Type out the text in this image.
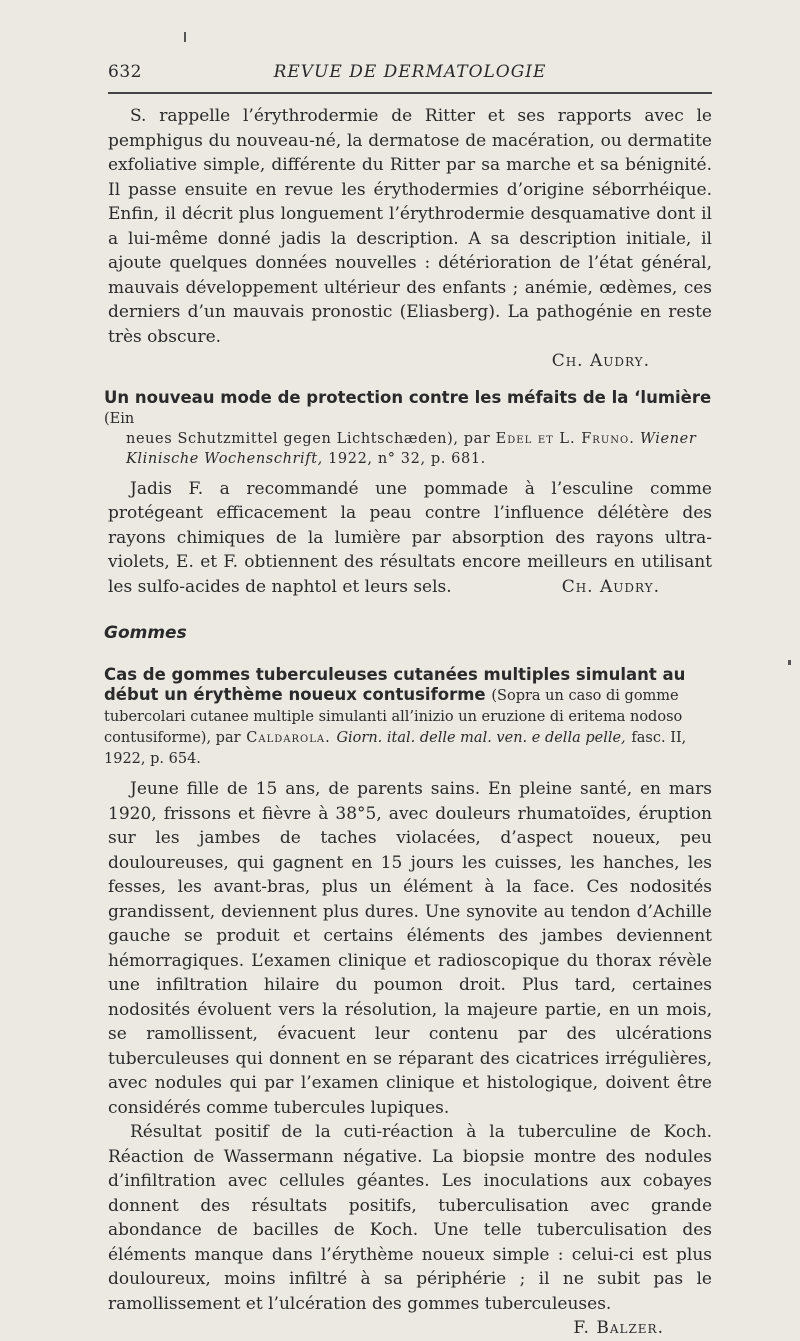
632	REVUE DE DERMATOLOGIE

S. rappelle l’érythrodermie de Ritter et ses rapports avec le pemphigus du nouveau-né, la dermatose de macération, ou dermatite exfoliative simple, différente du Ritter par sa marche et sa bénignité. Il passe ensuite en revue les érythodermies d’origine séborrhéique. Enfin, il décrit plus longuement l’érythrodermie desquamative dont il a lui-même donné jadis la description. A sa description initiale, il ajoute quelques données nouvelles : détérioration de l’état général, mauvais développement ultérieur des enfants ; anémie, œdèmes, ces derniers d’un mauvais pronostic (Eliasberg). La pathogénie en reste très obscure.

Ch. Audry.
Un nouveau mode de protection contre les méfaits de la ‘lumière (Ein
neues Schutzmittel gegen Lichtschæden), par Edel et L. Fruno. Wiener Klinische Wochenschrift, 1922, n° 32, p. 681.

Jadis F. a recommandé une pommade à l’esculine comme protégeant efficacement la peau contre l’influence délétère des rayons chimiques de la lumière par absorption des rayons ultra-violets, E. et F. obtiennent des résultats encore meilleurs en utilisant les sulfo-acides de naphtol et leurs sels.	Ch. Audry.

Gommes
Cas de gommes tuberculeuses cutanées multiples simulant au début un érythème noueux contusiforme (Sopra un caso di gomme tubercolari cutanee multiple simulanti all’inizio un eruzione di eritema nodoso contusiforme), par Caldarola. Giorn. ital. delle mal. ven. e della pelle, fasc. II, 1922, p. 654.

Jeune fille de 15 ans, de parents sains. En pleine santé, en mars 1920, frissons et fièvre à 38°5, avec douleurs rhumatoïdes, éruption sur les jambes de taches violacées, d’aspect noueux, peu douloureuses, qui gagnent en 15 jours les cuisses, les hanches, les fesses, les avant-bras, plus un élément à la face. Ces nodosités grandissent, deviennent plus dures. Une synovite au tendon d’Achille gauche se produit et certains éléments des jambes deviennent hémorragiques. L’examen clinique et radioscopique du thorax révèle une infiltration hilaire du poumon droit. Plus tard, certaines nodosités évoluent vers la résolution, la majeure partie, en un mois, se ramollissent, évacuent leur contenu par des ulcérations tuberculeuses qui donnent en se réparant des cicatrices irrégulières, avec nodules qui par l’examen clinique et histologique, doivent être considérés comme tubercules lupiques.

Résultat positif de la cuti-réaction à la tuberculine de Koch. Réaction de Wassermann négative. La biopsie montre des nodules d’infiltration avec cellules géantes. Les inoculations aux cobayes donnent des résultats positifs, tuberculisation avec grande abondance de bacilles de Koch. Une telle tuberculisation des éléments manque dans l’érythème noueux simple : celui-ci est plus douloureux, moins infiltré à sa périphérie ; il ne subit pas le ramollissement et l’ulcération des gommes tuberculeuses.
F. Balzer.
